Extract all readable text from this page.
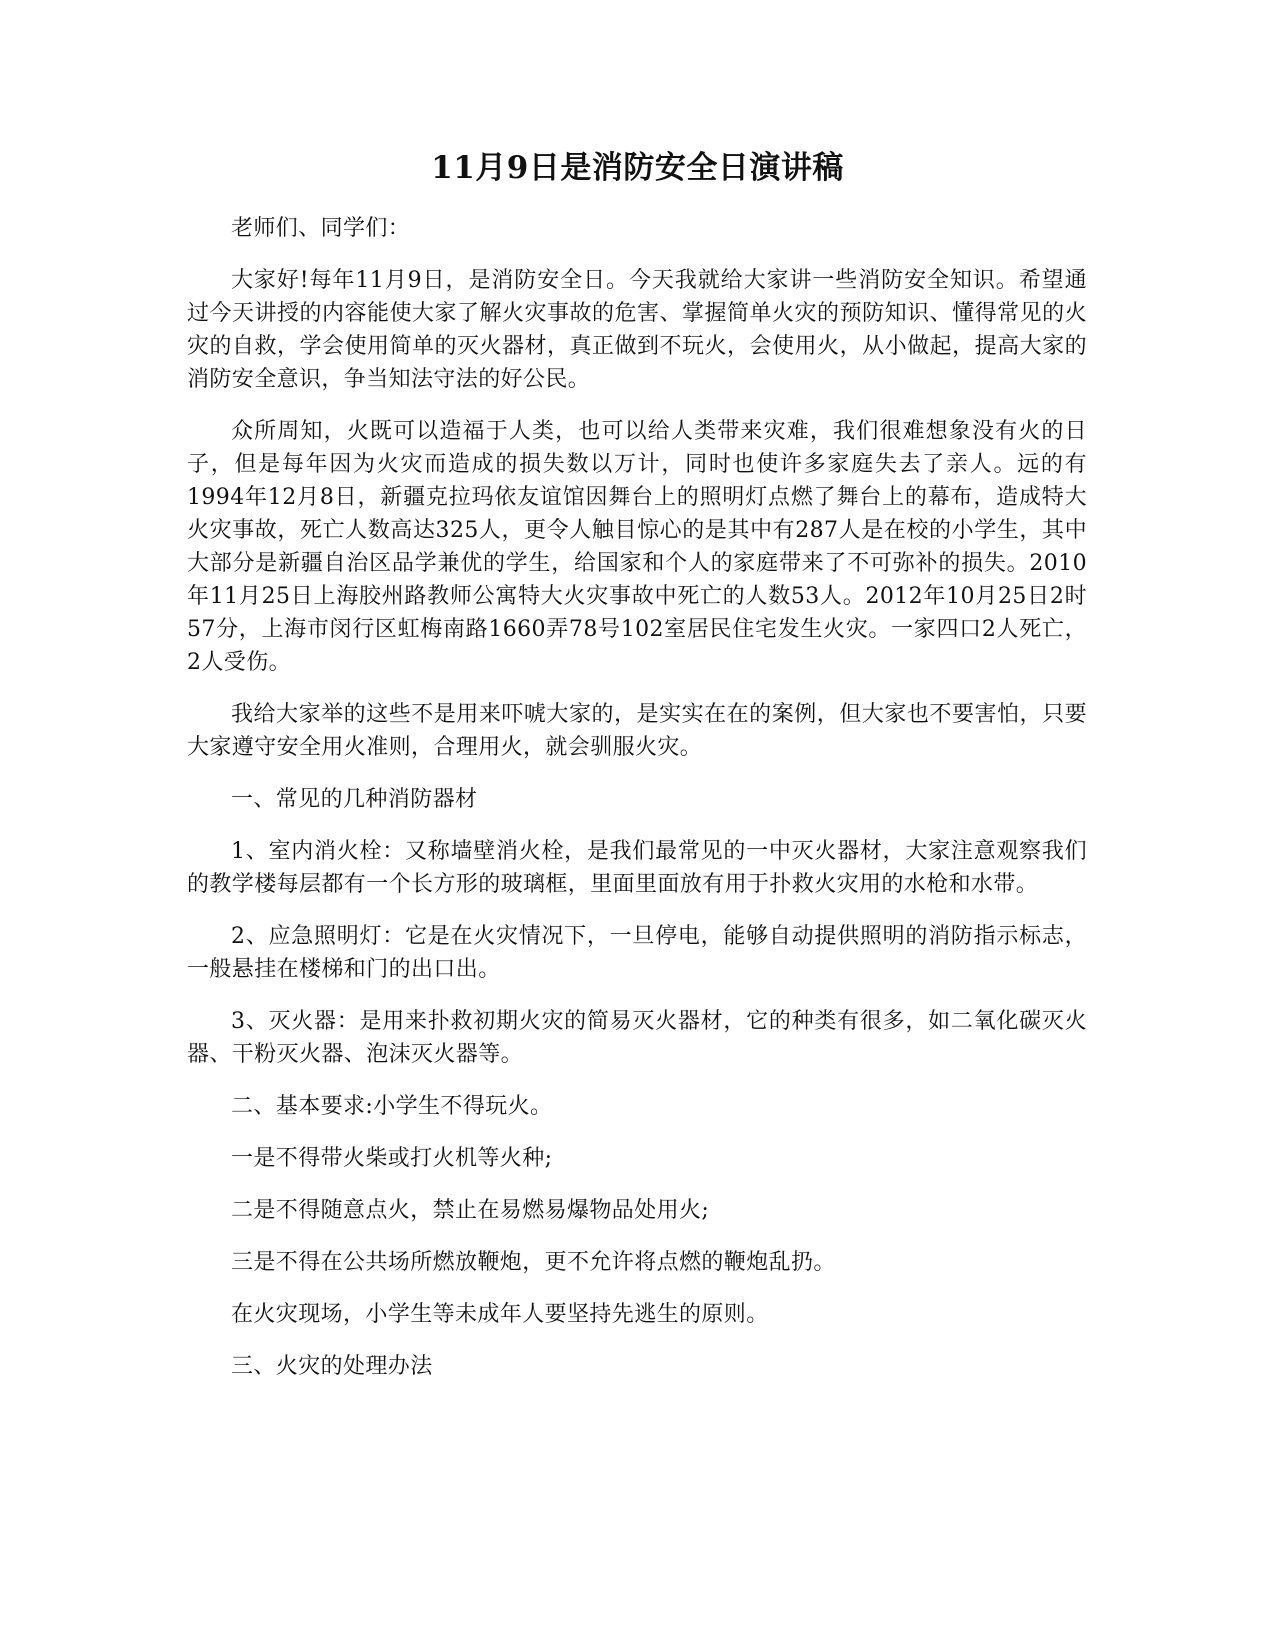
11月9日是消防安全日演讲稿

老师们、同学们：

大家好!每年11月9日，是消防安全日。今天我就给大家讲一些消防安全知识。希望通过今天讲授的内容能使大家了解火灾事故的危害、掌握简单火灾的预防知识、懂得常见的火灾的自救，学会使用简单的灭火器材，真正做到不玩火，会使用火，从小做起，提高大家的消防安全意识，争当知法守法的好公民。

众所周知，火既可以造福于人类，也可以给人类带来灾难，我们很难想象没有火的日子，但是每年因为火灾而造成的损失数以万计，同时也使许多家庭失去了亲人。远的有1994年12月8日，新疆克拉玛依友谊馆因舞台上的照明灯点燃了舞台上的幕布，造成特大火灾事故，死亡人数高达325人，更令人触目惊心的是其中有287人是在校的小学生，其中大部分是新疆自治区品学兼优的学生，给国家和个人的家庭带来了不可弥补的损失。2010年11月25日上海胶州路教师公寓特大火灾事故中死亡的人数53人。2012年10月25日2时57分，上海市闵行区虹梅南路1660弄78号102室居民住宅发生火灾。一家四口2人死亡，2人受伤。

我给大家举的这些不是用来吓唬大家的，是实实在在的案例，但大家也不要害怕，只要大家遵守安全用火准则，合理用火，就会驯服火灾。

一、常见的几种消防器材

1、室内消火栓：又称墙壁消火栓，是我们最常见的一中灭火器材，大家注意观察我们的教学楼每层都有一个长方形的玻璃框，里面里面放有用于扑救火灾用的水枪和水带。

2、应急照明灯：它是在火灾情况下，一旦停电，能够自动提供照明的消防指示标志，一般悬挂在楼梯和门的出口出。

3、灭火器：是用来扑救初期火灾的简易灭火器材，它的种类有很多，如二氧化碳灭火器、干粉灭火器、泡沫灭火器等。

二、基本要求:小学生不得玩火。

一是不得带火柴或打火机等火种;

二是不得随意点火，禁止在易燃易爆物品处用火;

三是不得在公共场所燃放鞭炮，更不允许将点燃的鞭炮乱扔。

在火灾现场，小学生等未成年人要坚持先逃生的原则。

三、火灾的处理办法
